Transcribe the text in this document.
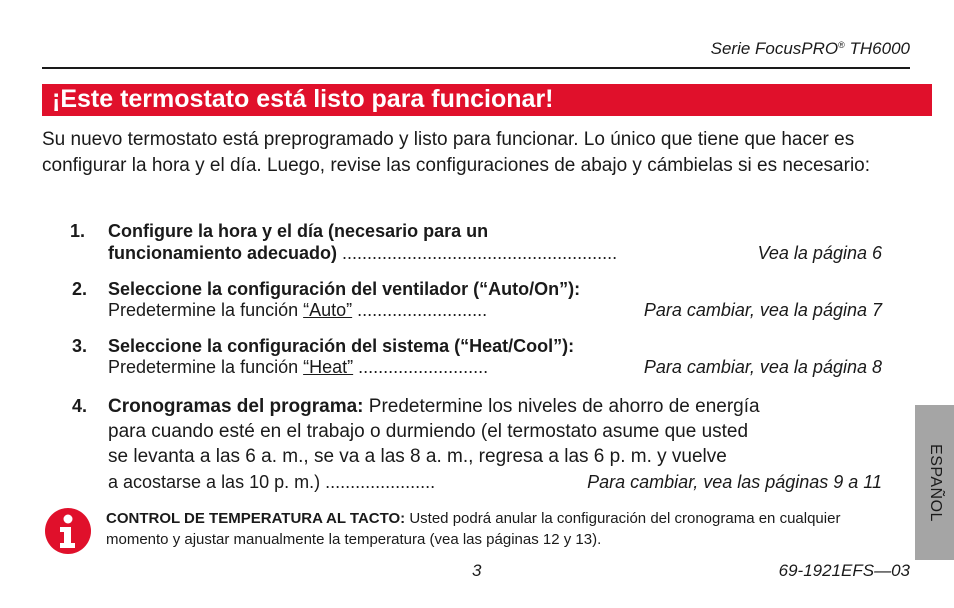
Serie FocusPRO® TH6000
¡Este termostato está listo para funcionar!
Su nuevo termostato está preprogramado y listo para funcionar. Lo único que tiene que hacer es configurar la hora y el día. Luego, revise las configuraciones de abajo y cámbielas si es necesario:
1. Configure la hora y el día (necesario para un
funcionamiento adecuado) .......................................................	Vea la página 6
2. Seleccione la configuración del ventilador (“Auto/On”):
Predetermine la función “Auto” ..........................	Para cambiar, vea la página 7
3. Seleccione la configuración del sistema (“Heat/Cool”):
Predetermine la función “Heat” ..........................	Para cambiar, vea la página 8
4. Cronogramas del programa: Predetermine los niveles de ahorro de energía
para cuando esté en el trabajo o durmiendo (el termostato asume que usted
se levanta a las 6 a. m., se va a las 8 a. m., regresa a las 6 p. m. y vuelve
a acostarse a las 10 p. m.) ......................	Para cambiar, vea las páginas 9 a 11
CONTROL DE TEMPERATURA AL TACTO: Usted podrá anular la configuración del cronograma en cualquier momento y ajustar manualmente la temperatura (vea las páginas 12 y 13).
3	69-1921EFS—03
ESPAÑOL
